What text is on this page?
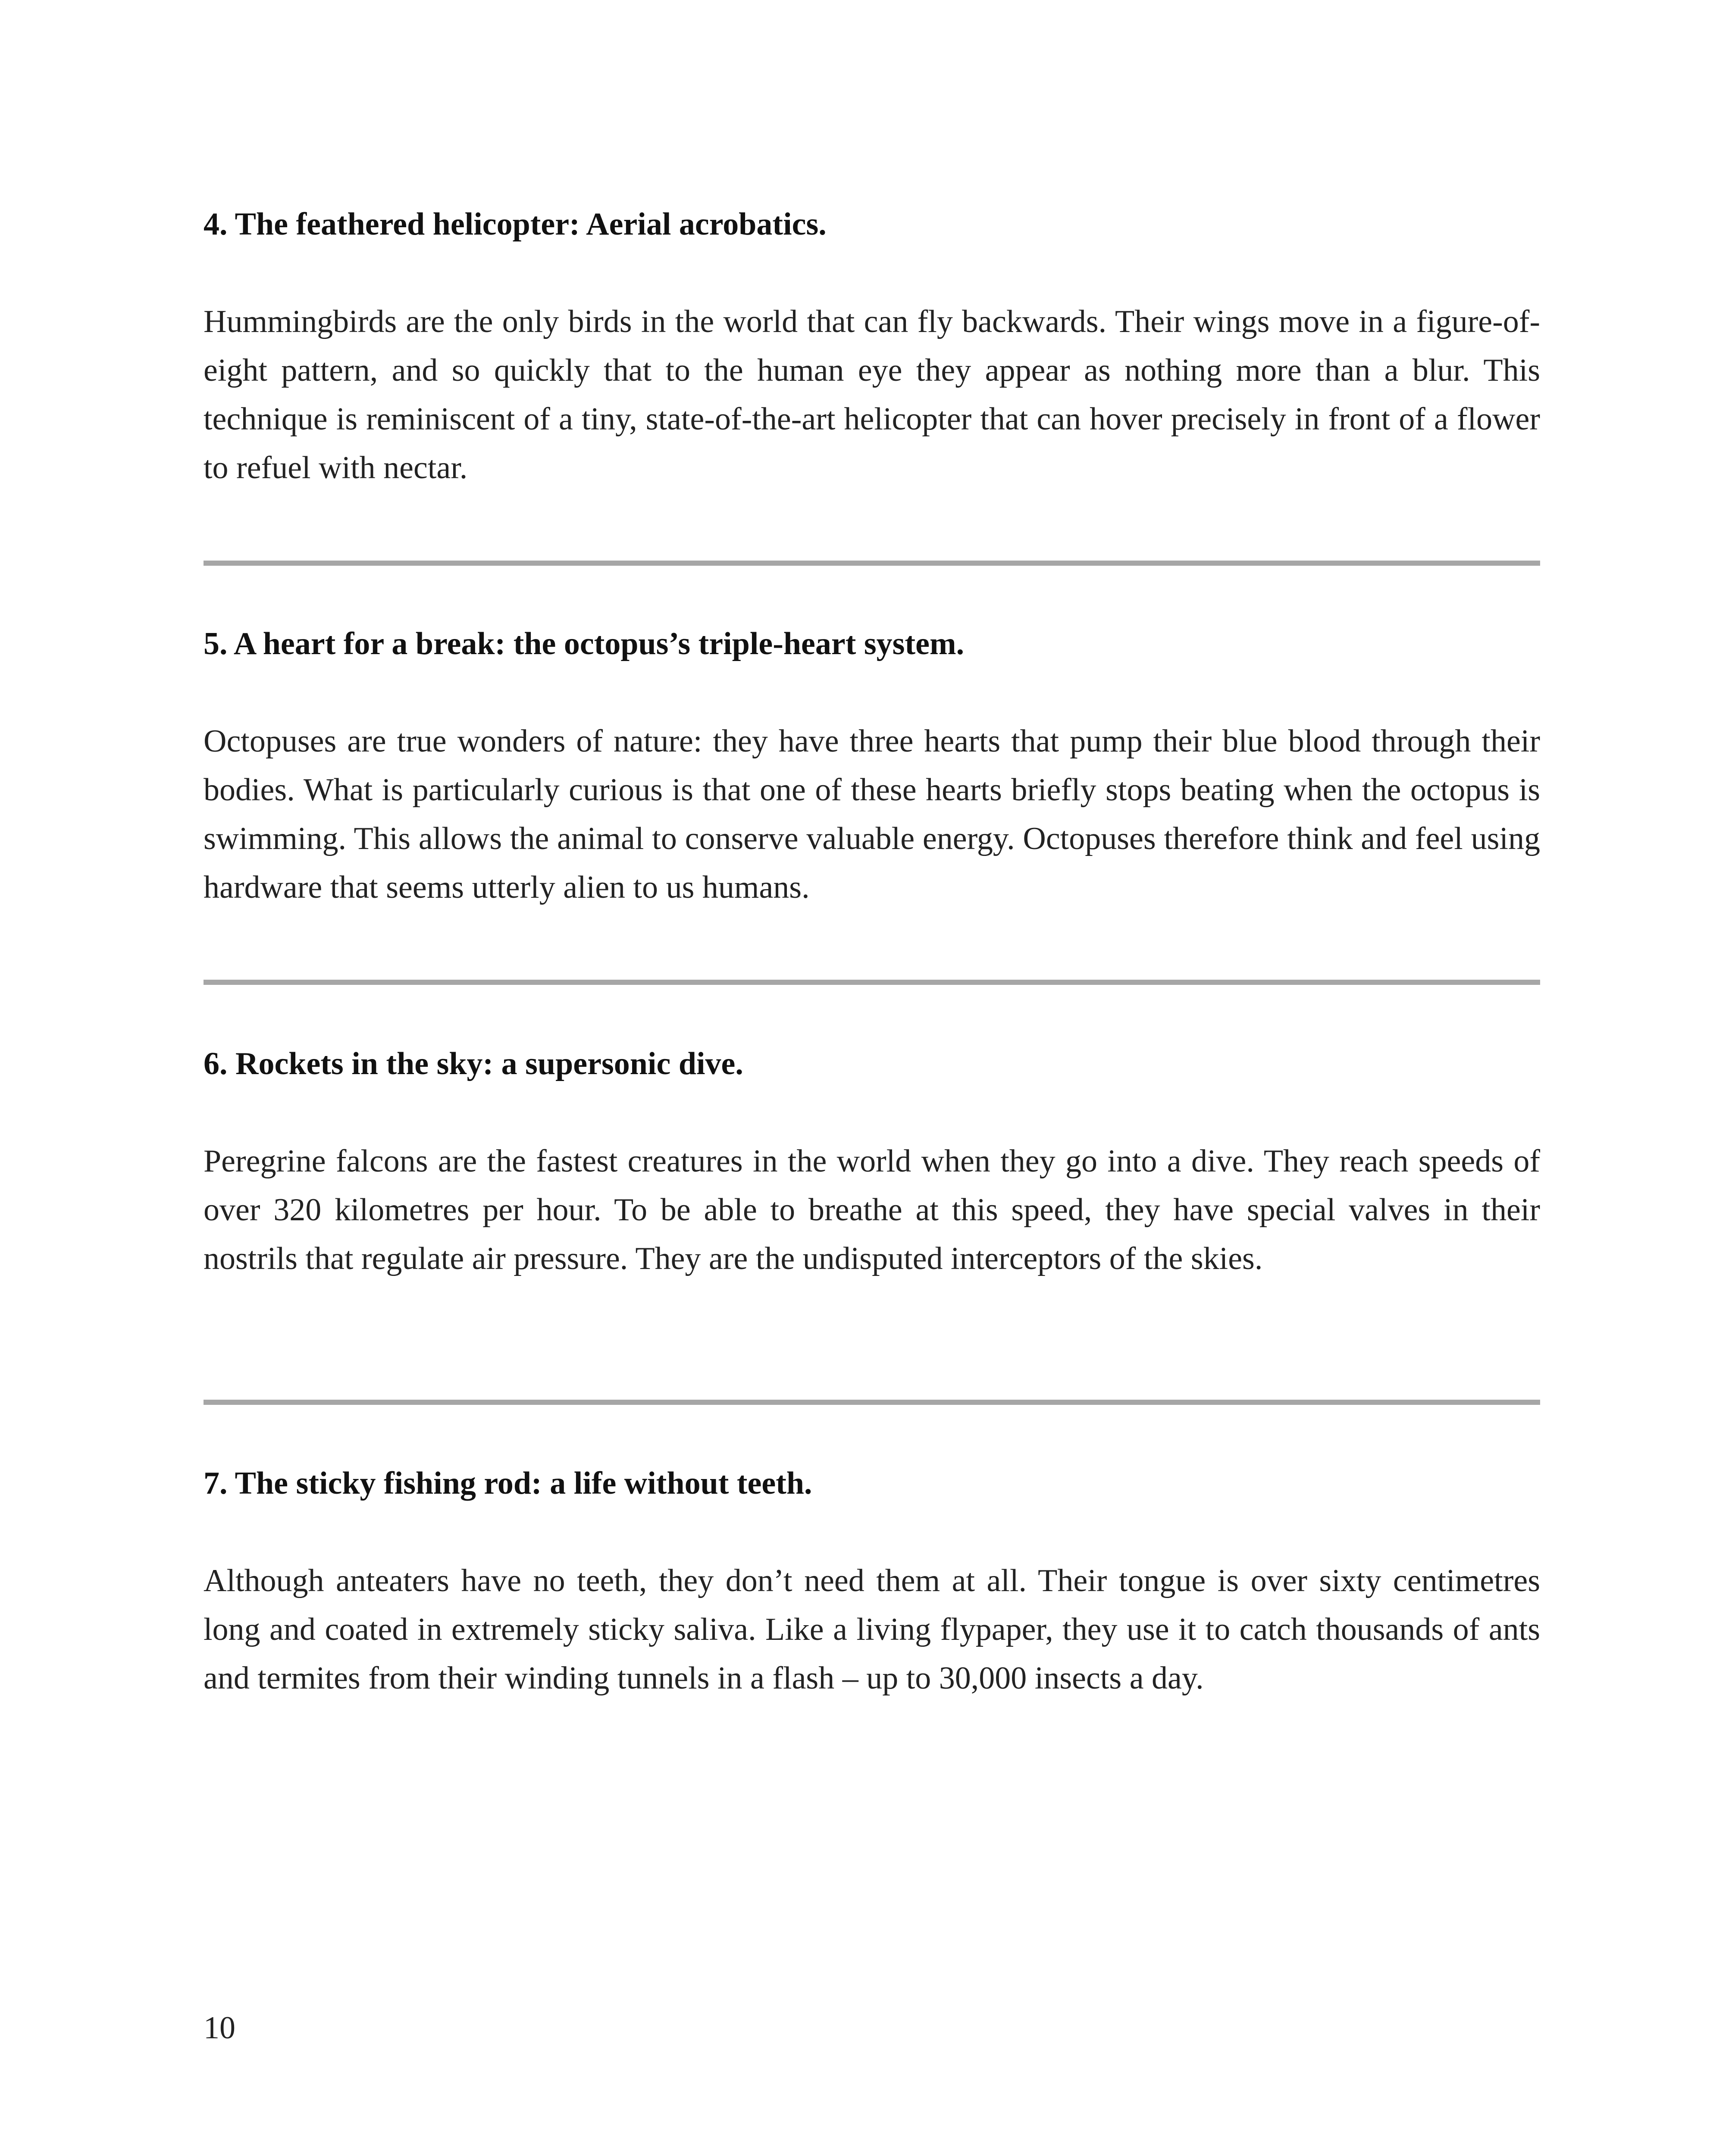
4. The feathered helicopter: Aerial acrobatics.

Hummingbirds are the only birds in the world that can fly backwards. Their wings move in a figure-of-eight pattern, and so quickly that to the human eye they appear as nothing more than a blur. This technique is reminiscent of a tiny, state-of-the-art helicopter that can hover precisely in front of a flower to refuel with nectar.

5. A heart for a break: the octopus’s triple-heart system.

Octopuses are true wonders of nature: they have three hearts that pump their blue blood through their bodies. What is particularly curious is that one of these hearts briefly stops beating when the octopus is swimming. This allows the animal to conserve valuable energy. Octopuses therefore think and feel using hardware that seems utterly alien to us humans.

6. Rockets in the sky: a supersonic dive.

Peregrine falcons are the fastest creatures in the world when they go into a dive. They reach speeds of over 320 kilometres per hour. To be able to breathe at this speed, they have special valves in their nostrils that regulate air pressure. They are the undisputed interceptors of the skies.

7. The sticky fishing rod: a life without teeth.

Although anteaters have no teeth, they don’t need them at all. Their tongue is over sixty centimetres long and coated in extremely sticky saliva. Like a living flypaper, they use it to catch thousands of ants and termites from their winding tunnels in a flash – up to 30,000 insects a day.

10
